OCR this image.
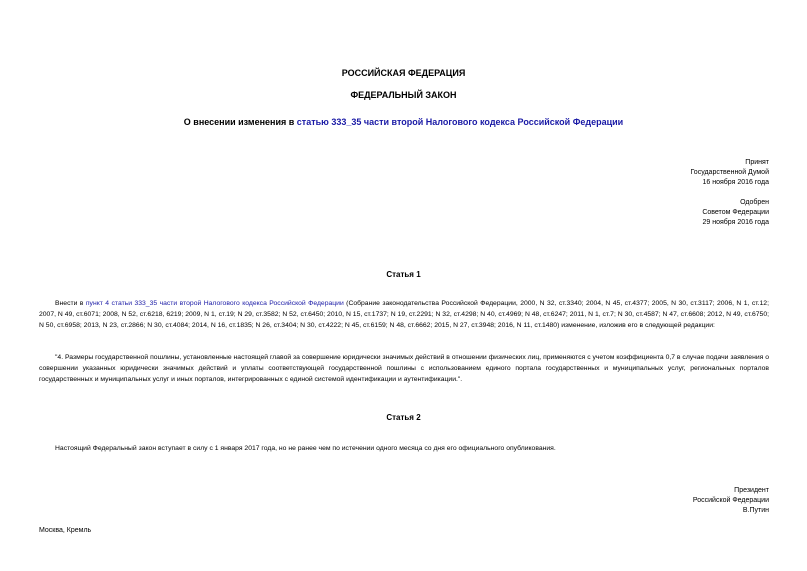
РОССИЙСКАЯ ФЕДЕРАЦИЯ
ФЕДЕРАЛЬНЫЙ ЗАКОН
О внесении изменения в статью 333_35 части второй Налогового кодекса Российской Федерации
Принят
Государственной Думой
16 ноября 2016 года
Одобрен
Советом Федерации
29 ноября 2016 года
Статья 1
Внести в пункт 4 статьи 333_35 части второй Налогового кодекса Российской Федерации (Собрание законодательства Российской Федерации, 2000, N 32, ст.3340; 2004, N 45, ст.4377; 2005, N 30, ст.3117; 2006, N 1, ст.12; 2007, N 49, ст.6071; 2008, N 52, ст.6218, 6219; 2009, N 1, ст.19; N 29, ст.3582; N 52, ст.6450; 2010, N 15, ст.1737; N 19, ст.2291; N 32, ст.4298; N 40, ст.4969; N 48, ст.6247; 2011, N 1, ст.7; N 30, ст.4587; N 47, ст.6608; 2012, N 49, ст.6750; N 50, ст.6958; 2013, N 23, ст.2866; N 30, ст.4084; 2014, N 16, ст.1835; N 26, ст.3404; N 30, ст.4222; N 45, ст.6159; N 48, ст.6662; 2015, N 27, ст.3948; 2016, N 11, ст.1480) изменение, изложив его в следующей редакции:
"4. Размеры государственной пошлины, установленные настоящей главой за совершение юридически значимых действий в отношении физических лиц, применяются с учетом коэффициента 0,7 в случае подачи заявления о совершении указанных юридически значимых действий и уплаты соответствующей государственной пошлины с использованием единого портала государственных и муниципальных услуг, региональных порталов государственных и муниципальных услуг и иных порталов, интегрированных с единой системой идентификации и аутентификации.".
Статья 2
Настоящий Федеральный закон вступает в силу с 1 января 2017 года, но не ранее чем по истечении одного месяца со дня его официального опубликования.
Президент
Российской Федерации
В.Путин
Москва, Кремль
